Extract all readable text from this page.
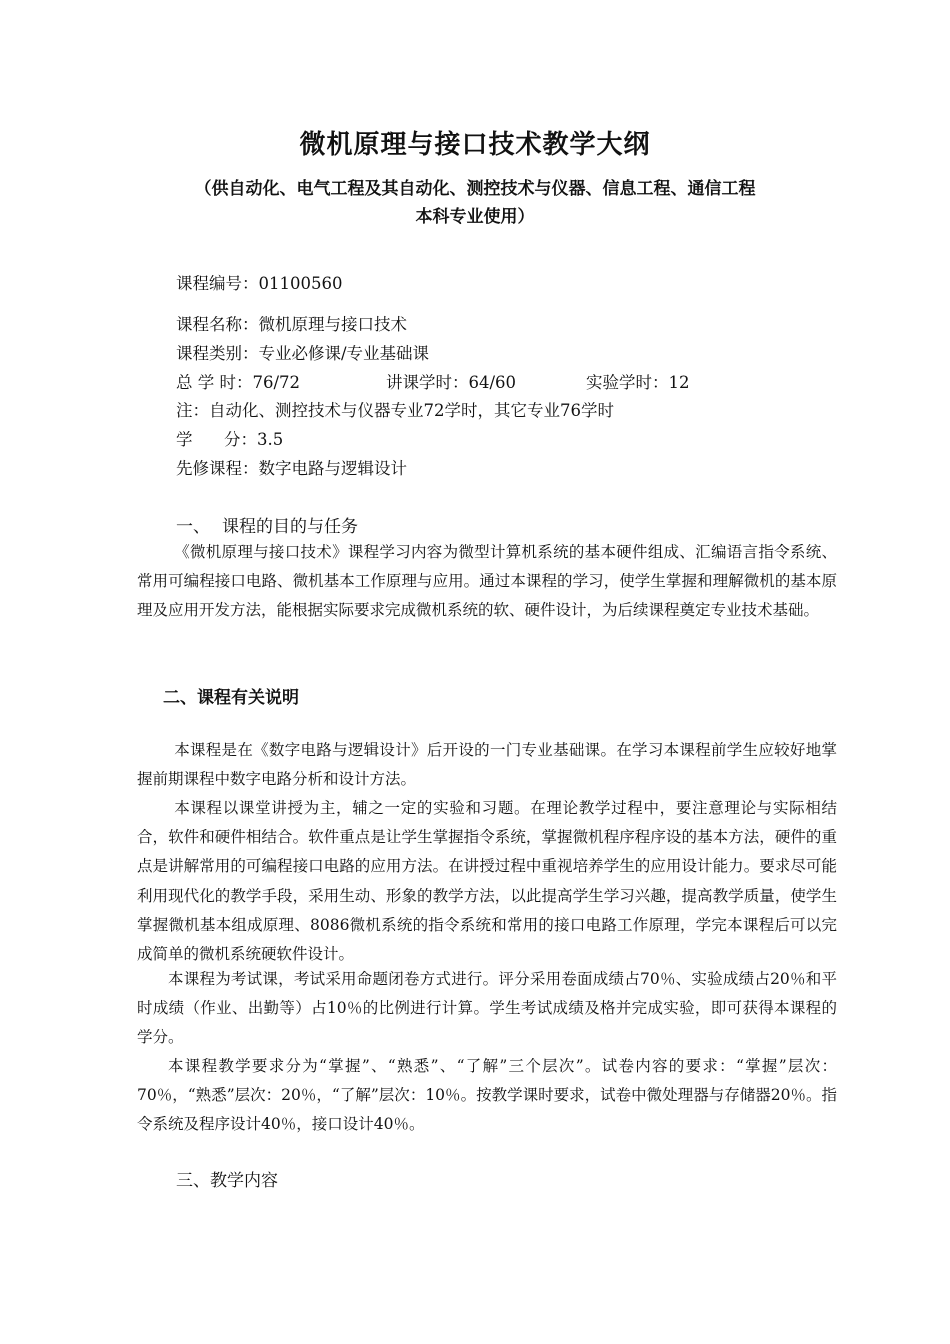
微机原理与接口技术教学大纲
（供自动化、电气工程及其自动化、测控技术与仪器、信息工程、通信工程
本科专业使用）
课程编号：01100560
课程名称：微机原理与接口技术
课程类别：专业必修课/专业基础课
总 学 时：76/72	讲课学时：64/60	实验学时：12
注：自动化、测控技术与仪器专业72学时，其它专业76学时
学      分：3.5
先修课程：数字电路与逻辑设计
一、 课程的目的与任务
《微机原理与接口技术》课程学习内容为微型计算机系统的基本硬件组成、汇编语言指令系统、常用可编程接口电路、微机基本工作原理与应用。通过本课程的学习，使学生掌握和理解微机的基本原理及应用开发方法，能根据实际要求完成微机系统的软、硬件设计，为后续课程奠定专业技术基础。
二、课程有关说明
本课程是在《数字电路与逻辑设计》后开设的一门专业基础课。在学习本课程前学生应较好地掌握前期课程中数字电路分析和设计方法。
本课程以课堂讲授为主，辅之一定的实验和习题。在理论教学过程中，要注意理论与实际相结合，软件和硬件相结合。软件重点是让学生掌握指令系统，掌握微机程序程序设的基本方法，硬件的重点是讲解常用的可编程接口电路的应用方法。在讲授过程中重视培养学生的应用设计能力。要求尽可能利用现代化的教学手段，采用生动、形象的教学方法，以此提高学生学习兴趣，提高教学质量，使学生掌握微机基本组成原理、8086微机系统的指令系统和常用的接口电路工作原理，学完本课程后可以完成简单的微机系统硬软件设计。
本课程为考试课，考试采用命题闭卷方式进行。评分采用卷面成绩占70％、实验成绩占20％和平时成绩（作业、出勤等）占10％的比例进行计算。学生考试成绩及格并完成实验，即可获得本课程的学分。
本课程教学要求分为“掌握”、“熟悉”、“了解”三个层次”。试卷内容的要求：“掌握”层次： 70％，“熟悉”层次：20％，“了解”层次：10％。按教学课时要求，试卷中微处理器与存储器20％。指令系统及程序设计40％，接口设计40％。
三、教学内容
